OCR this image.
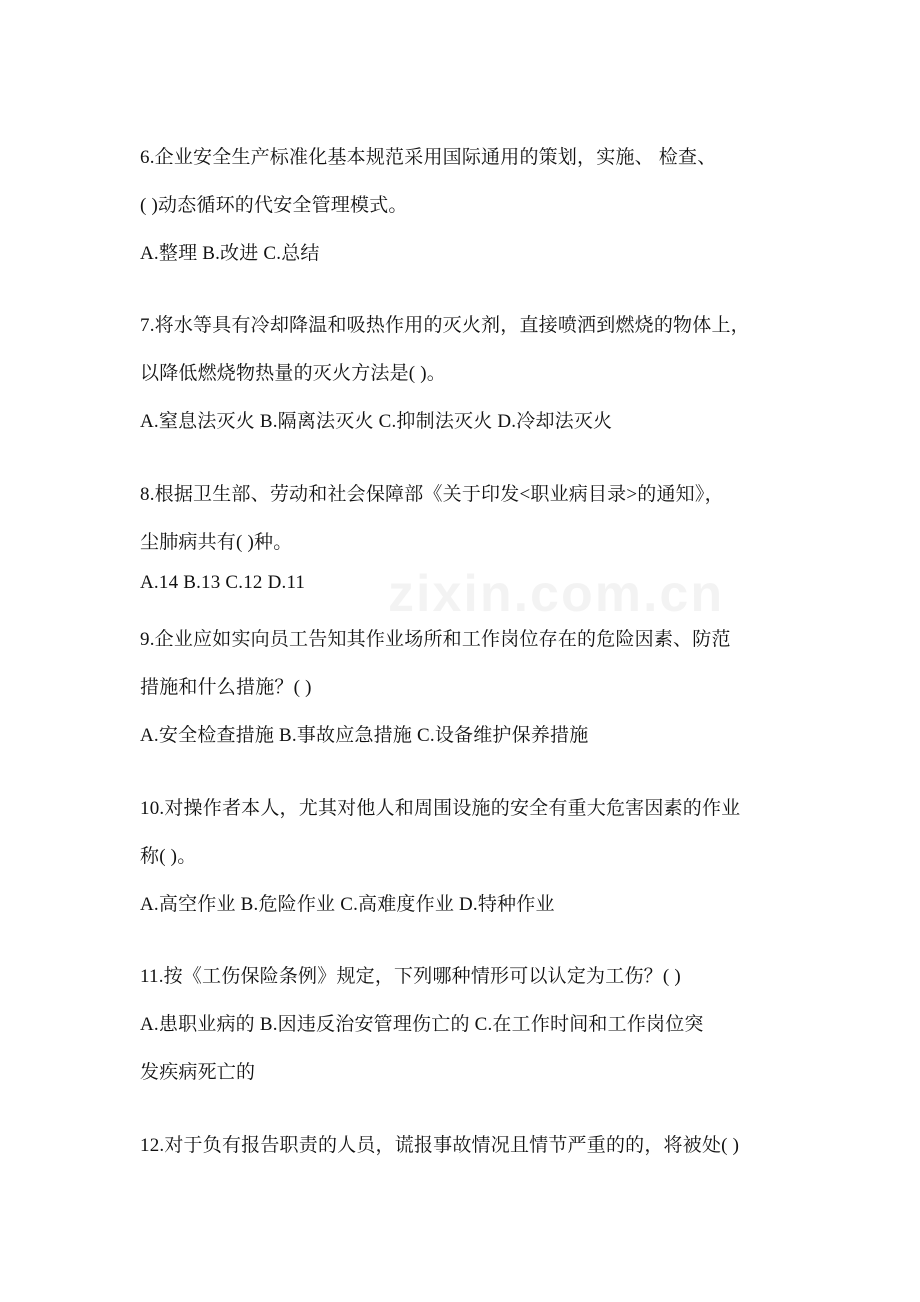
6.企业安全生产标准化基本规范采用国际通用的策划，实施、 检查、
( )动态循环的代安全管理模式。
A.整理 B.改进 C.总结
7.将水等具有冷却降温和吸热作用的灭火剂，直接喷洒到燃烧的物体上，
以降低燃烧物热量的灭火方法是( )。
A.窒息法灭火 B.隔离法灭火 C.抑制法灭火 D.冷却法灭火
8.根据卫生部、劳动和社会保障部《关于印发<职业病目录>的通知》，
尘肺病共有( )种。
A.14 B.13 C.12 D.11
9.企业应如实向员工告知其作业场所和工作岗位存在的危险因素、防范
措施和什么措施？( )
A.安全检查措施 B.事故应急措施 C.设备维护保养措施
10.对操作者本人，尤其对他人和周围设施的安全有重大危害因素的作业
称( )。
A.高空作业 B.危险作业 C.高难度作业 D.特种作业
11.按《工伤保险条例》规定，下列哪种情形可以认定为工伤？( )
A.患职业病的 B.因违反治安管理伤亡的 C.在工作时间和工作岗位突
发疾病死亡的
12.对于负有报告职责的人员，谎报事故情况且情节严重的的，将被处( )
